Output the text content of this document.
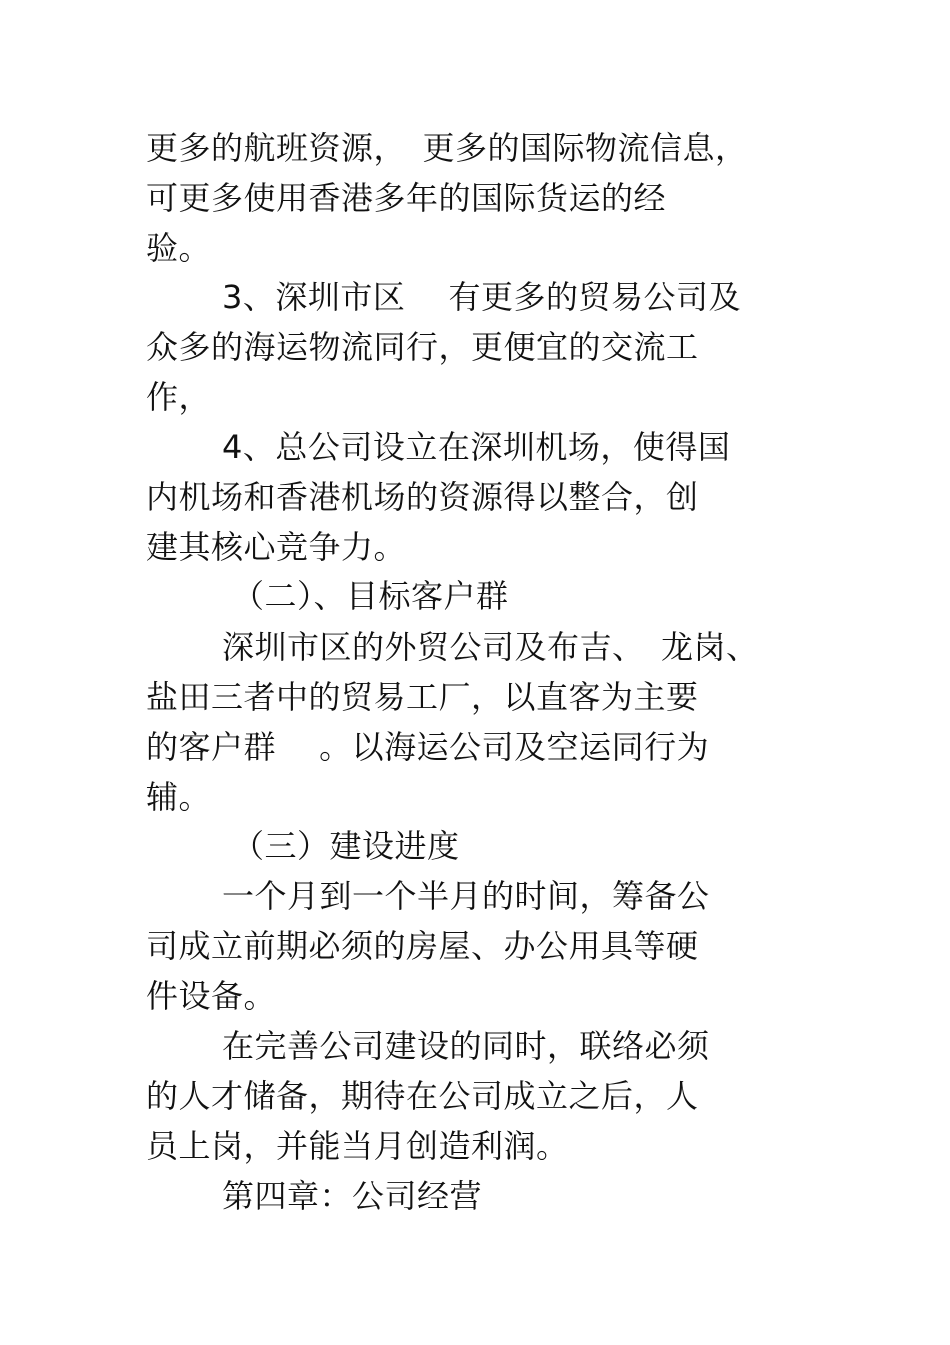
更多的航班资源，　更多的国际物流信息，
可更多使用香港多年的国际货运的经
验。
3、深圳市区　 有更多的贸易公司及
众多的海运物流同行，更便宜的交流工
作，
4、总公司设立在深圳机场，使得国
内机场和香港机场的资源得以整合，创
建其核心竞争力。
（二）、目标客户群
深圳市区的外贸公司及布吉、　龙岗、
盐田三者中的贸易工厂，以直客为主要
的客户群　 。以海运公司及空运同行为
辅。
（三）建设进度
一个月到一个半月的时间，筹备公
司成立前期必须的房屋、办公用具等硬
件设备。
在完善公司建设的同时，联络必须
的人才储备，期待在公司成立之后，人
员上岗，并能当月创造利润。
第四章：公司经营
